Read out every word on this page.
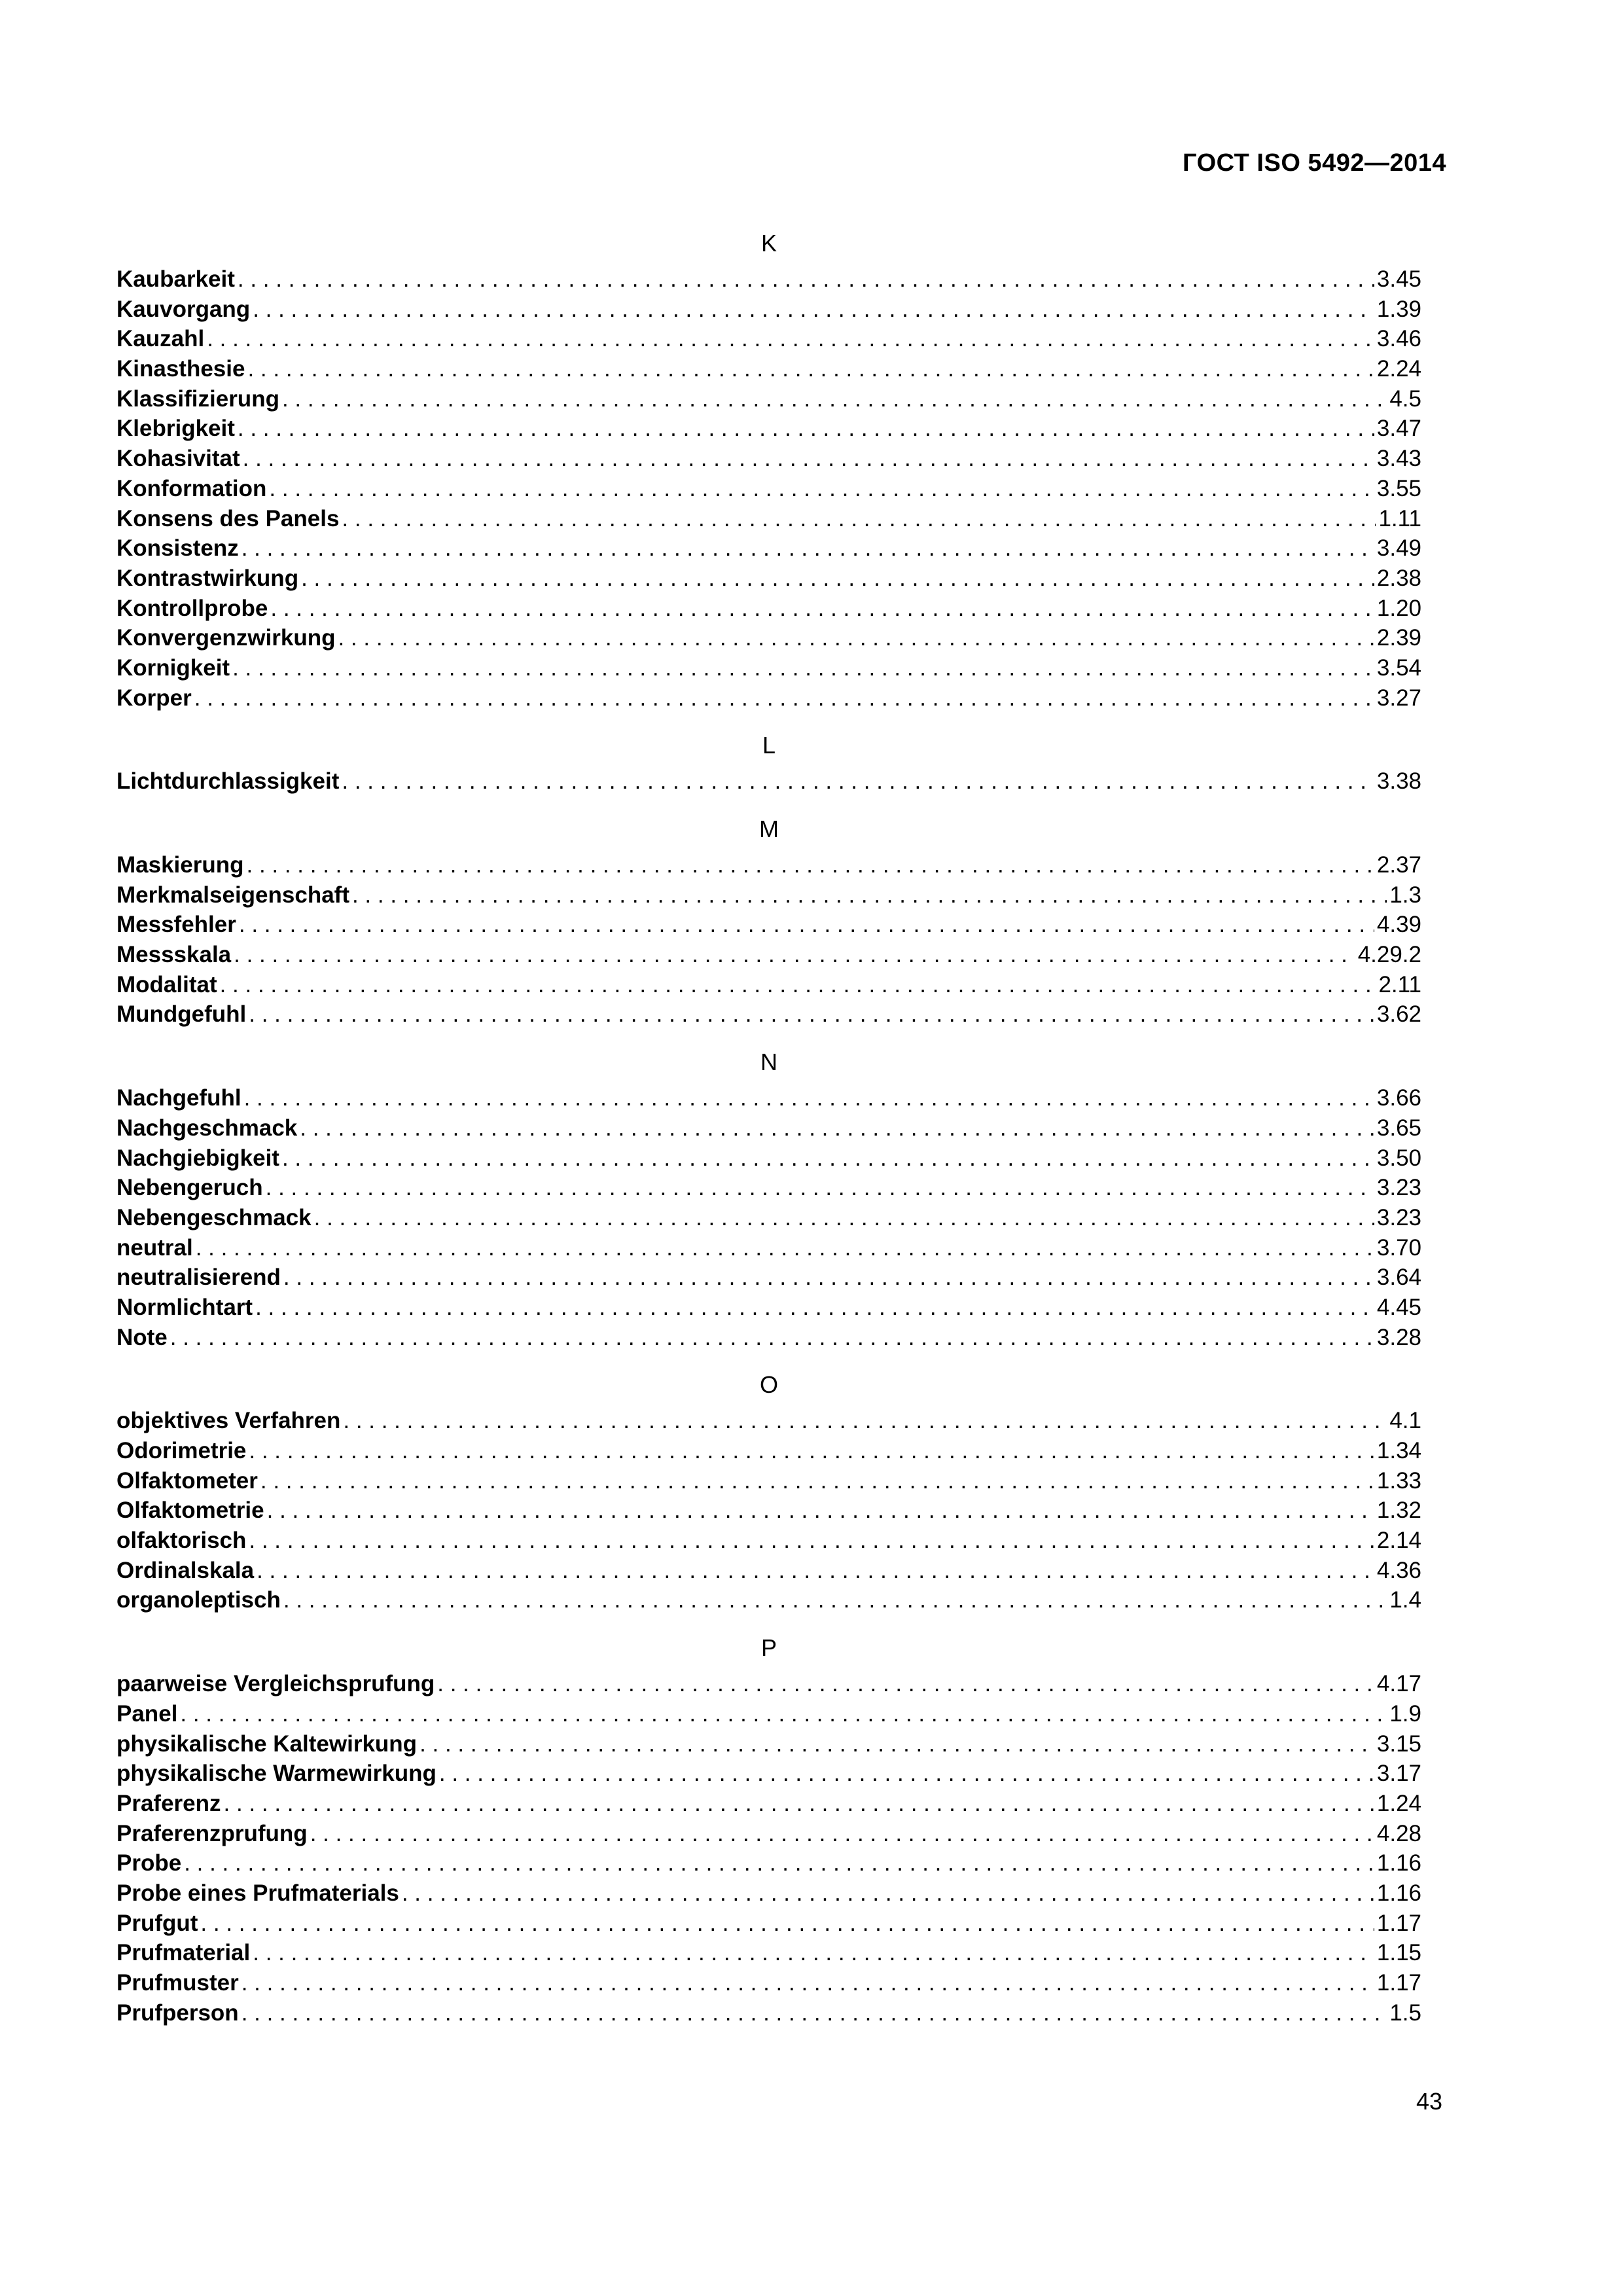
ГОСТ ISO 5492—2014
K
Kaubarkeit . . .	3.45
Kauvorgang . . .	1.39
Kauzahl . . .	3.46
Kinasthesie . . .	2.24
Klassifizierung . . .	4.5
Klebrigkeit . . .	3.47
Kohasivitat . . .	3.43
Konformation . . .	3.55
Konsens des Panels . . .	1.11
Konsistenz . . .	3.49
Kontrastwirkung . . .	2.38
Kontrollprobe . . .	1.20
Konvergenzwirkung . . .	2.39
Kornigkeit . . .	3.54
Korper . . .	3.27
L
Lichtdurchlassigkeit . . .	3.38
M
Maskierung . . .	2.37
Merkmalseigenschaft . . .	1.3
Messfehler . . .	4.39
Messskala . . .	4.29.2
Modalitat . . .	2.11
Mundgefuhl . . .	3.62
N
Nachgefuhl . . .	3.66
Nachgeschmack . . .	3.65
Nachgiebigkeit . . .	3.50
Nebengeruch . . .	3.23
Nebengeschmack . . .	3.23
neutral . . .	3.70
neutralisierend . . .	3.64
Normlichtart . . .	4.45
Note . . .	3.28
O
objektives Verfahren . . .	4.1
Odorimetrie . . .	1.34
Olfaktometer . . .	1.33
Olfaktometrie . . .	1.32
olfaktorisch . . .	2.14
Ordinalskala . . .	4.36
organoleptisch . . .	1.4
P
paarweise Vergleichsprufung . . .	4.17
Panel . . .	1.9
physikalische Kaltewirkung . . .	3.15
physikalische Warmewirkung . . .	3.17
Praferenz . . .	1.24
Praferenzprufung . . .	4.28
Probe . . .	1.16
Probe eines Prufmaterials . . .	1.16
Prufgut . . .	1.17
Prufmaterial . . .	1.15
Prufmuster . . .	1.17
Prufperson . . .	1.5
43
